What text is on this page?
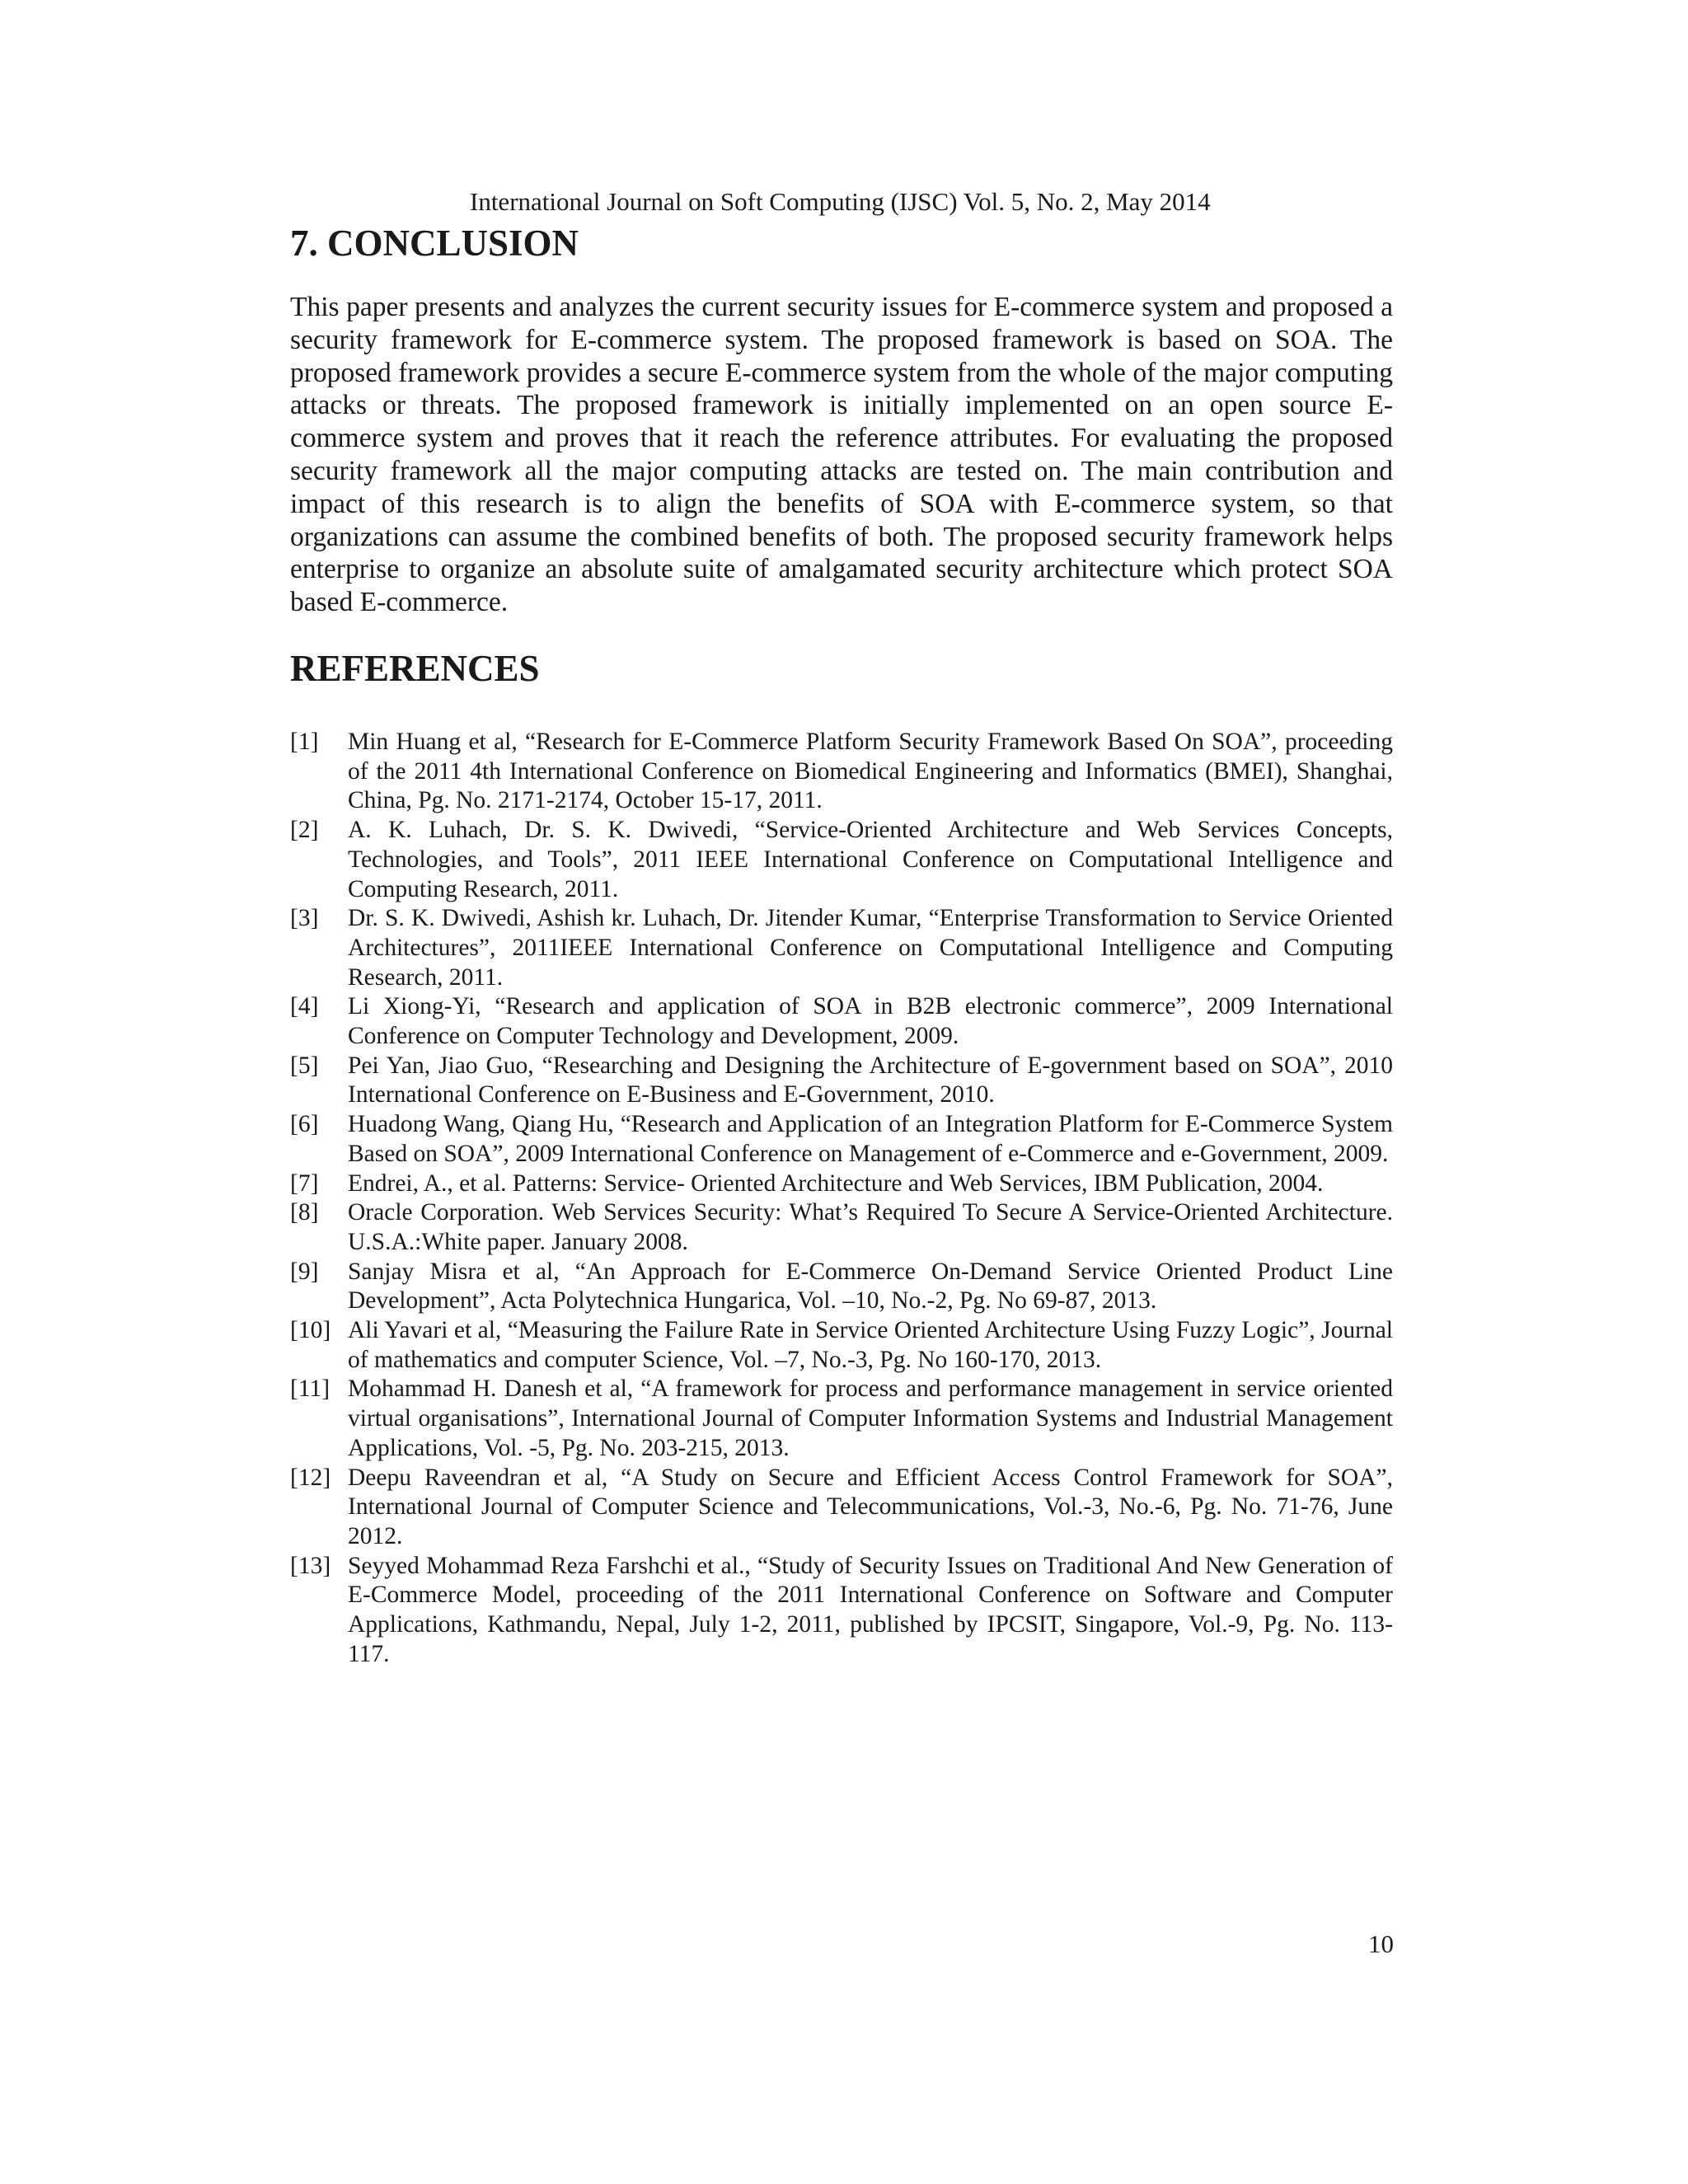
International Journal on Soft Computing (IJSC) Vol. 5, No. 2, May 2014
7. CONCLUSION

This paper presents and analyzes the current security issues for E-commerce system and proposed a security framework for E-commerce system. The proposed framework is based on SOA. The proposed framework provides a secure E-commerce system from the whole of the major computing attacks or threats. The proposed framework is initially implemented on an open source E-commerce system and proves that it reach the reference attributes. For evaluating the proposed security framework all the major computing attacks are tested on. The main contribution and impact of this research is to align the benefits of SOA with E-commerce system, so that organizations can assume the combined benefits of both. The proposed security framework helps enterprise to organize an absolute suite of amalgamated security architecture which protect SOA based E-commerce.

REFERENCES
[1]	Min Huang et al, “Research for E-Commerce Platform Security Framework Based On SOA”, proceeding of the 2011 4th International Conference on Biomedical Engineering and Informatics (BMEI), Shanghai, China, Pg. No. 2171-2174, October 15-17, 2011.
[2]	A. K. Luhach, Dr. S. K. Dwivedi, “Service-Oriented Architecture and Web Services Concepts, Technologies, and Tools”, 2011 IEEE International Conference on Computational Intelligence and Computing Research, 2011.
[3]	Dr. S. K. Dwivedi, Ashish kr. Luhach, Dr. Jitender Kumar, “Enterprise Transformation to Service Oriented Architectures”, 2011IEEE International Conference on Computational Intelligence and Computing Research, 2011.
[4]	Li Xiong-Yi, “Research and application of SOA in B2B electronic commerce”, 2009 International Conference on Computer Technology and Development, 2009.
[5]	Pei Yan, Jiao Guo, “Researching and Designing the Architecture of E-government based on SOA”, 2010 International Conference on E-Business and E-Government, 2010.
[6]	Huadong Wang, Qiang Hu, “Research and Application of an Integration Platform for E-Commerce System Based on SOA”, 2009 International Conference on Management of e-Commerce and e-Government, 2009.
[7]	Endrei, A., et al. Patterns: Service- Oriented Architecture and Web Services, IBM Publication, 2004.
[8]	Oracle Corporation. Web Services Security: What’s Required To Secure A Service-Oriented Architecture. U.S.A.:White paper. January 2008.
[9]	Sanjay Misra et al, “An Approach for E-Commerce On-Demand Service Oriented Product Line Development”, Acta Polytechnica Hungarica, Vol. –10, No.-2, Pg. No 69-87, 2013.
[10] Ali Yavari et al, “Measuring the Failure Rate in Service Oriented Architecture Using Fuzzy Logic”, Journal of mathematics and computer Science, Vol. –7, No.-3, Pg. No 160-170, 2013.
[11] Mohammad H. Danesh et al, “A framework for process and performance management in service oriented virtual organisations”, International Journal of Computer Information Systems and Industrial Management Applications, Vol. -5, Pg. No. 203-215, 2013.
[12] Deepu Raveendran et al, “A Study on Secure and Efficient Access Control Framework for SOA”, International Journal of Computer Science and Telecommunications, Vol.-3, No.-6, Pg. No. 71-76, June 2012.
[13] Seyyed Mohammad Reza Farshchi et al., “Study of Security Issues on Traditional And New Generation of E-Commerce Model, proceeding of the 2011 International Conference on Software and Computer Applications, Kathmandu, Nepal, July 1-2, 2011, published by IPCSIT, Singapore, Vol.-9, Pg. No. 113- 117.
10
